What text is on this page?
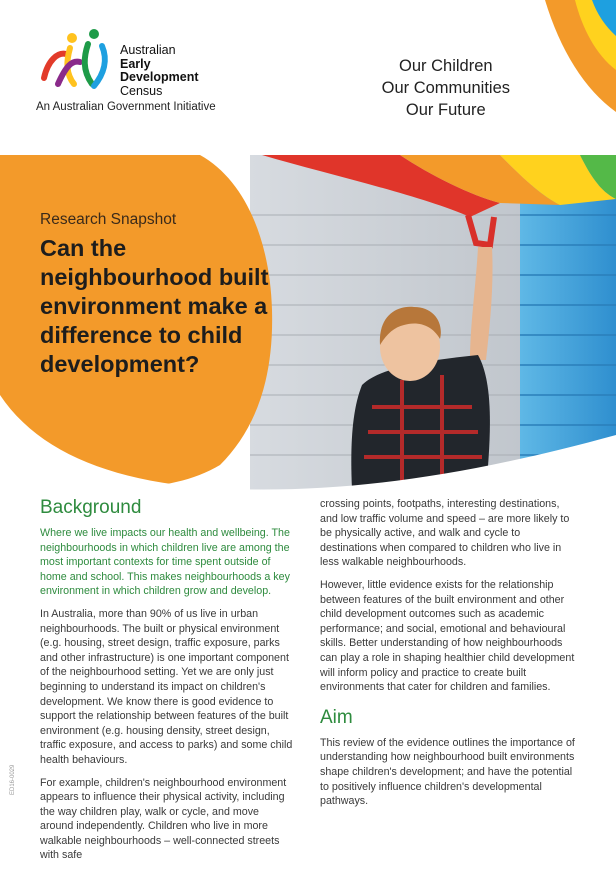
Australian
Early
Development
Census
An Australian Government Initiative
Our Children
Our Communities
Our Future
Research Snapshot
Can the neighbourhood built environment make a difference to child development?
Background

Where we live impacts our health and wellbeing. The neighbourhoods in which children live are among the most important contexts for time spent outside of home and school. This makes neighbourhoods a key environment in which children grow and develop.

In Australia, more than 90% of us live in urban neighbourhoods. The built or physical environment (e.g. housing, street design, traffic exposure, parks and other infrastructure) is one important component of the neighbourhood setting. Yet we are only just beginning to understand its impact on children's development. We know there is good evidence to support the relationship between features of the built environment (e.g. housing density, street design, traffic exposure, and access to parks) and some child health behaviours.

For example, children's neighbourhood environment appears to influence their physical activity, including the way children play, walk or cycle, and move around independently. Children who live in more walkable neighbourhoods – well-connected streets with safe

crossing points, footpaths, interesting destinations, and low traffic volume and speed – are more likely to be physically active, and walk and cycle to destinations when compared to children who live in less walkable neighbourhoods.

However, little evidence exists for the relationship between features of the built environment and other child development outcomes such as academic performance; and social, emotional and behavioural skills. Better understanding of how neighbourhoods can play a role in shaping healthier child development will inform policy and practice to create built environments that cater for children and families.

Aim

This review of the evidence outlines the importance of understanding how neighbourhood built environments shape children's development; and have the potential to positively influence children's developmental pathways.

ED16-0029
